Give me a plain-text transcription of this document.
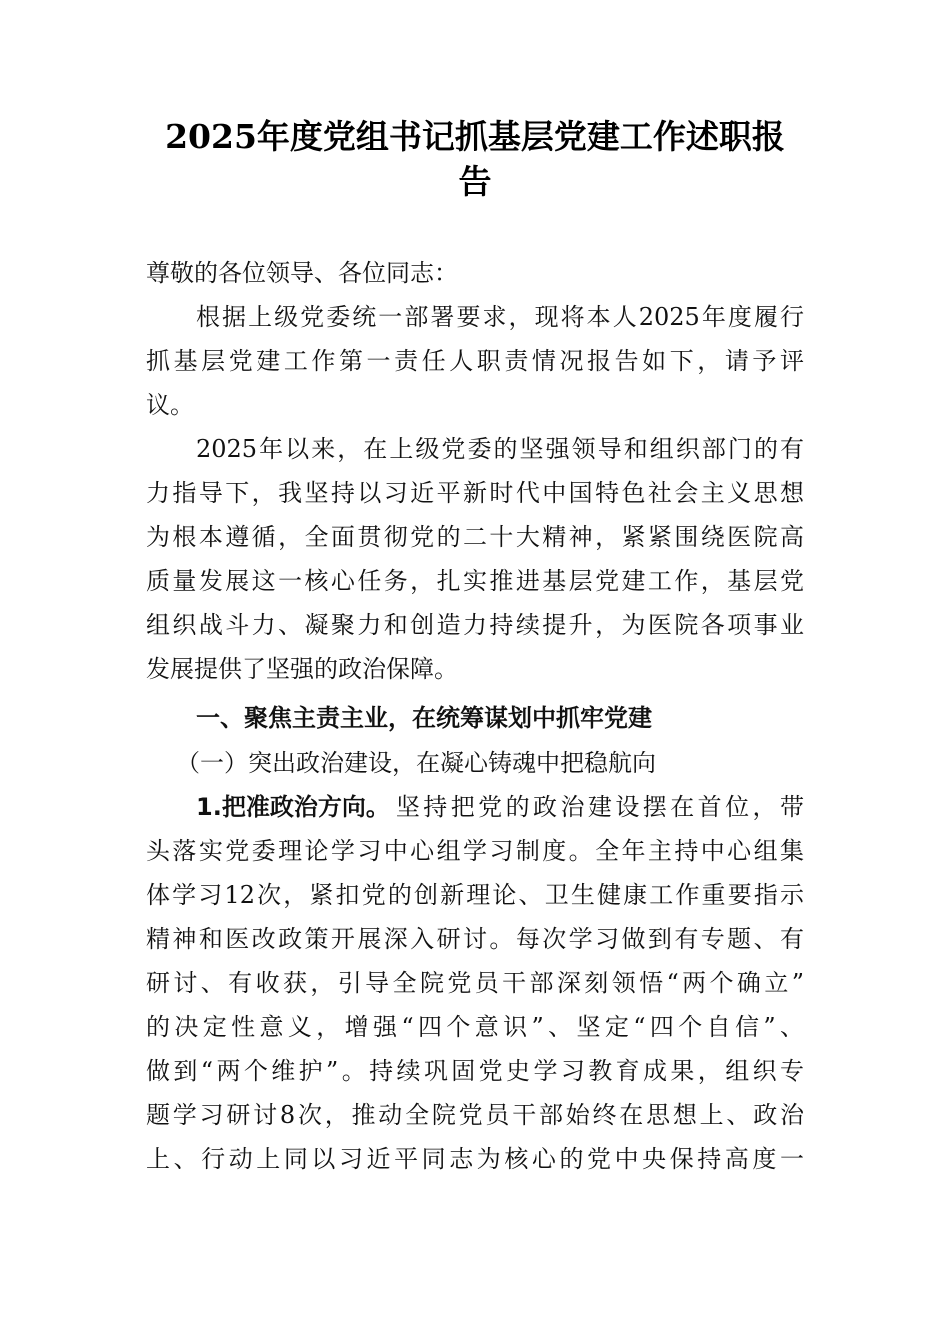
2025年度党组书记抓基层党建工作述职报
告
尊敬的各位领导、各位同志：
根据上级党委统一部署要求，现将本人2025年度履行
抓基层党建工作第一责任人职责情况报告如下，请予评
议。
2025年以来，在上级党委的坚强领导和组织部门的有
力指导下，我坚持以习近平新时代中国特色社会主义思想
为根本遵循，全面贯彻党的二十大精神，紧紧围绕医院高
质量发展这一核心任务，扎实推进基层党建工作，基层党
组织战斗力、凝聚力和创造力持续提升，为医院各项事业
发展提供了坚强的政治保障。
一、聚焦主责主业，在统筹谋划中抓牢党建
（一）突出政治建设，在凝心铸魂中把稳航向
1.把准政治方向。 坚持把党的政治建设摆在首位，带
头落实党委理论学习中心组学习制度。全年主持中心组集
体学习12次，紧扣党的创新理论、卫生健康工作重要指示
精神和医改政策开展深入研讨。每次学习做到有专题、有
研讨、有收获，引导全院党员干部深刻领悟“两个确立”
的决定性意义，增强“四个意识”、坚定“四个自信”、
做到“两个维护”。持续巩固党史学习教育成果，组织专
题学习研讨8次，推动全院党员干部始终在思想上、政治
上、行动上同以习近平同志为核心的党中央保持高度一
